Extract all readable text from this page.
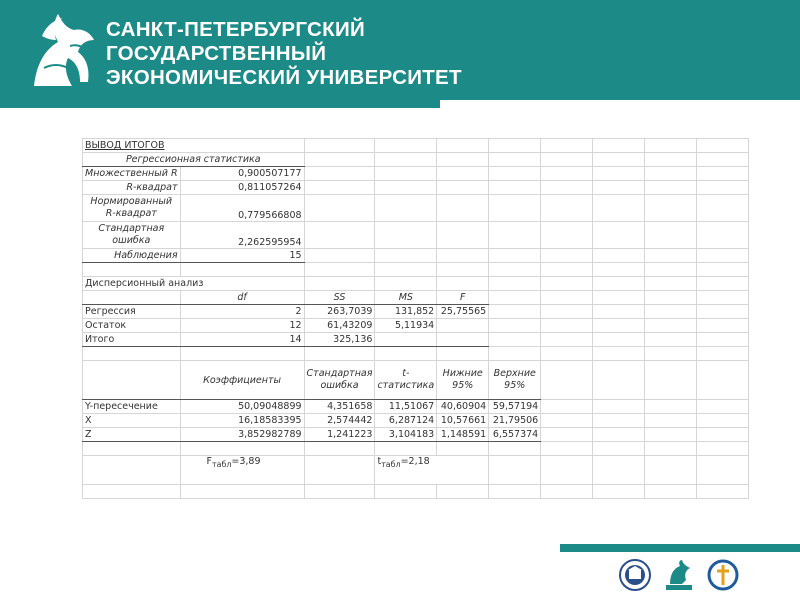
САНКТ-ПЕТЕРБУРГСКИЙ
ГОСУДАРСТВЕННЫЙ
ЭКОНОМИЧЕСКИЙ УНИВЕРСИТЕТ
ВЫВОД ИТОГОВ									
Регрессионная статистика									
Множественный R	0,900507177								
R-квадрат	0,811057264								
Нормированный R-квадрат	0,779566808								
Стандартная ошибка	2,262595954								
Наблюдения	15								

Дисперсионный анализ									
	df	SS	MS	F					
Регрессия	2	263,7039	131,852	25,75565					
Остаток	12	61,43209	5,11934						
Итого	14	325,136							

	Коэффициенты	Стандартная ошибка	t-статистика	Нижние 95%	Верхние 95%				
Y-пересечение	50,09048899	4,351658	11,51067	40,60904	59,57194				
X	16,18583395	2,574442	6,287124	10,57661	21,79506				
Z	3,852982789	1,241223	3,104183	1,148591	6,557374				

	$F_{табл}=3,89$		$t_{табл}=2,18$						
